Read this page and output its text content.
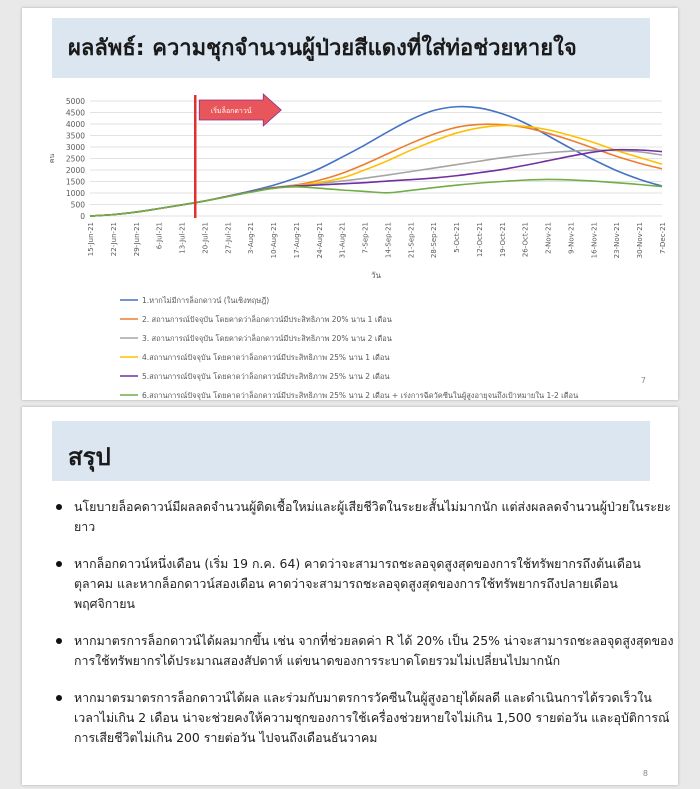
ผลลัพธ์: ความชุกจำนวนผู้ป่วยสีแดงที่ใส่ท่อช่วยหายใจ
0
500
1000
1500
2000
2500
3000
3500
4000
4500
5000
คน
15-Jun-21 22-Jun-21 29-Jun-21 6-Jul-21 13-Jul-21 20-Jul-21 27-Jul-21 3-Aug-21 10-Aug-21 17-Aug-21 24-Aug-21 31-Aug-21 7-Sep-21 14-Sep-21 21-Sep-21 28-Sep-21 5-Oct-21 12-Oct-21 19-Oct-21 26-Oct-21 2-Nov-21 9-Nov-21 16-Nov-21 23-Nov-21 30-Nov-21 7-Dec-21
วัน
เริ่มล็อกดาวน์
1.หากไม่มีการล็อกดาวน์ (ในเชิงทฤษฎี)
2. สถานการณ์ปัจจุบัน โดยคาดว่าล็อกดาวน์มีประสิทธิภาพ 20% นาน 1 เดือน
3. สถานการณ์ปัจจุบัน โดยคาดว่าล็อกดาวน์มีประสิทธิภาพ 20% นาน 2 เดือน
4.สถานการณ์ปัจจุบัน โดยคาดว่าล็อกดาวน์มีประสิทธิภาพ 25% นาน 1 เดือน
5.สถานการณ์ปัจจุบัน โดยคาดว่าล็อกดาวน์มีประสิทธิภาพ 25% นาน 2 เดือน
6.สถานการณ์ปัจจุบัน โดยคาดว่าล็อกดาวน์มีประสิทธิภาพ 25% นาน 2 เดือน + เร่งการฉีดวัคซีนในผู้สูงอายุจนถึงเป้าหมายใน 1-2 เดือน
7
สรุป
นโยบายล็อคดาวน์มีผลลดจำนวนผู้ติดเชื้อใหม่และผู้เสียชีวิตในระยะสั้นไม่มากนัก แต่ส่งผลลดจำนวนผู้ป่วยในระยะยาว
หากล็อกดาวน์หนึ่งเดือน (เริ่ม 19 ก.ค. 64) คาดว่าจะสามารถชะลอจุดสูงสุดของการใช้ทรัพยากรถึงต้นเดือนตุลาคม และหากล็อกดาวน์สองเดือน คาดว่าจะสามารถชะลอจุดสูงสุดของการใช้ทรัพยากรถึงปลายเดือนพฤศจิกายน
หากมาตรการล็อกดาวน์ได้ผลมากขึ้น เช่น จากที่ช่วยลดค่า R ได้ 20% เป็น 25% น่าจะสามารถชะลอจุดสูงสุดของการใช้ทรัพยากรได้ประมาณสองสัปดาห์ แต่ขนาดของการระบาดโดยรวมไม่เปลี่ยนไปมากนัก
หากมาตรมาตรการล็อกดาวน์ได้ผล และร่วมกับมาตรการวัคซีนในผู้สูงอายุได้ผลดี และดำเนินการได้รวดเร็วในเวลาไม่เกิน 2 เดือน น่าจะช่วยคงให้ความชุกของการใช้เครื่องช่วยหายใจไม่เกิน 1,500 รายต่อวัน และอุบัติการณ์การเสียชีวิตไม่เกิน 200 รายต่อวัน ไปจนถึงเดือนธันวาคม
8
